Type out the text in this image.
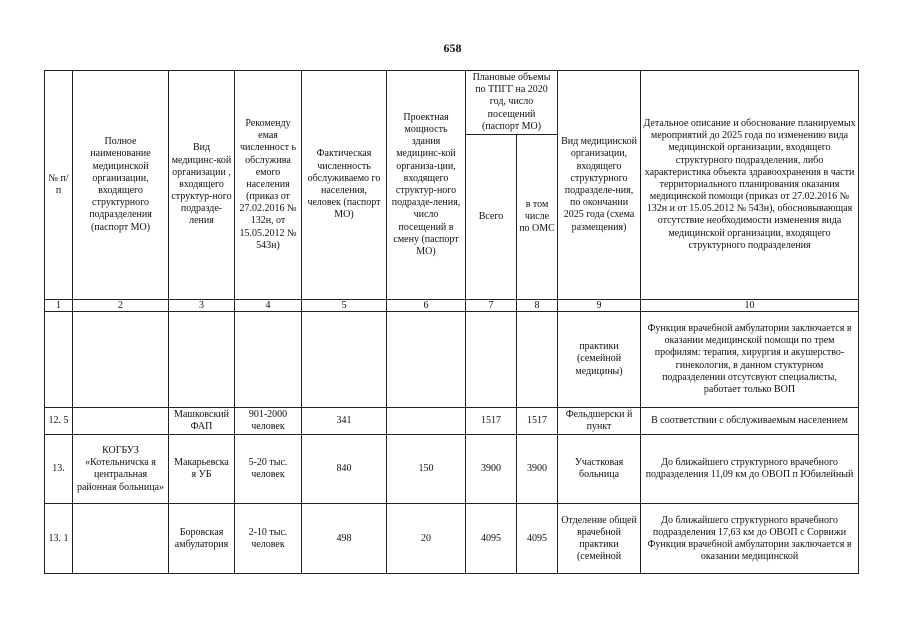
658
№ п/п	Полное наименование медицинской организации, входящего структурного подразделения (паспорт МО)	Вид медицинс-кой организации , входящего структур-ного подразде-ления	Рекоменду емая численност ь обслужива емого населения (приказ от 27.02.2016 № 132н, от 15.05.2012 № 543н)	Фактическая численность обслуживаемо го населения, человек (паспорт МО)	Проектная мощность здания медицинс-кой организа-ции, входящего структур-ного подразде-ления, число посещений в смену (паспорт МО)	Плановые объемы по ТПГГ на 2020 год, число посещений (паспорт МО)		Вид медицинской организации, входящего структурного подразделе-ния, по окончании 2025 года (схема размещения)	Детальное описание и обоснование планируемых мероприятий до 2025 года по изменению вида медицинской организации, входящего структурного подразделения, либо характеристика объекта здравоохранения в части территориального планирования оказания медицинской помощи (приказ от 27.02.2016 № 132н и от 15.05.2012 № 543н), обосновывающая отсутствие необходимости изменения вида медицинской организации, входящего структурного подразделения
						Всего	в том числе по ОМС		
1	2	3	4	5	6	7	8	9	10
								практики (семейной медицины)	Функция врачебной амбулатории заключается в оказании медицинской помощи по трем профилям: терапия, хирургия и акушерство-гинекология, в данном стуктурном подразделении отсутсвуют специалисты, работает только ВОП
12. 5		Машковский ФАП	901-2000 человек	341		1517	1517	Фельдшерски й пункт	В соответствии с обслуживаемым населением
13.	КОГБУЗ «Котельничска я центральная районная больница»	Макарьевска я УБ	5-20 тыс. человек	840	150	3900	3900	Участковая больница	До ближайшего структурного врачебного подразделения 11,09 км до ОВОП п Юбилейный
13. 1		Боровская амбулатория	2-10 тыс. человек	498	20	4095	4095	Отделение общей врачебной практики (семейной	До ближайшего структурного врачебного подразделения 17,63 км до ОВОП с Сорвижи Функция врачебной амбулатории заключается в оказании медицинской
